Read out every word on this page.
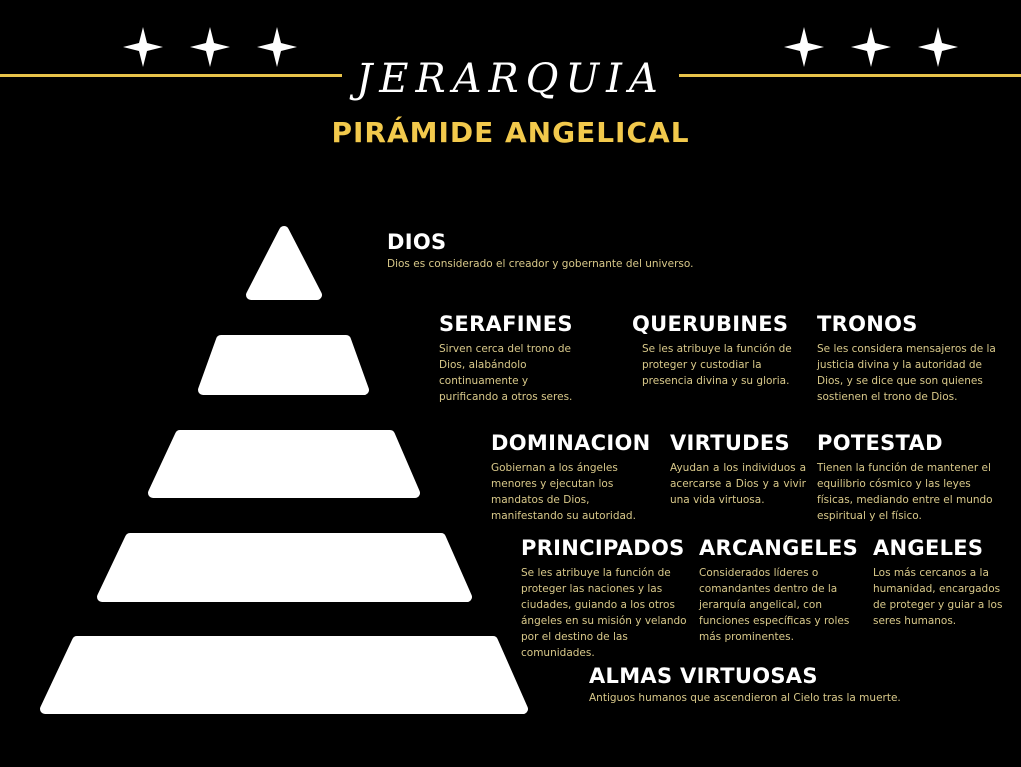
JERARQUIA
PIRÁMIDE ANGELICAL
DIOS

Dios es considerado el creador y gobernante del universo.

SERAFINES

Sirven cerca del trono de Dios, alabándolo continuamente y purificando a otros seres.

QUERUBINES

Se les atribuye la función de proteger y custodiar la presencia divina y su gloria.

TRONOS

Se les considera mensajeros de la justicia divina y la autoridad de Dios, y se dice que son quienes sostienen el trono de Dios.

DOMINACION

Gobiernan a los ángeles menores y ejecutan los mandatos de Dios, manifestando su autoridad.

VIRTUDES

Ayudan a los individuos a acercarse a Dios y a vivir una vida virtuosa.

POTESTAD

Tienen la función de mantener el equilibrio cósmico y las leyes físicas, mediando entre el mundo espiritual y el físico.

PRINCIPADOS

Se les atribuye la función de proteger las naciones y las ciudades, guiando a los otros ángeles en su misión y velando por el destino de las comunidades.

ARCANGELES

Considerados líderes o comandantes dentro de la jerarquía angelical, con funciones específicas y roles más prominentes.

ANGELES

Los más cercanos a la humanidad, encargados de proteger y guiar a los seres humanos.

ALMAS VIRTUOSAS

Antiguos humanos que ascendieron al Cielo tras la muerte.
